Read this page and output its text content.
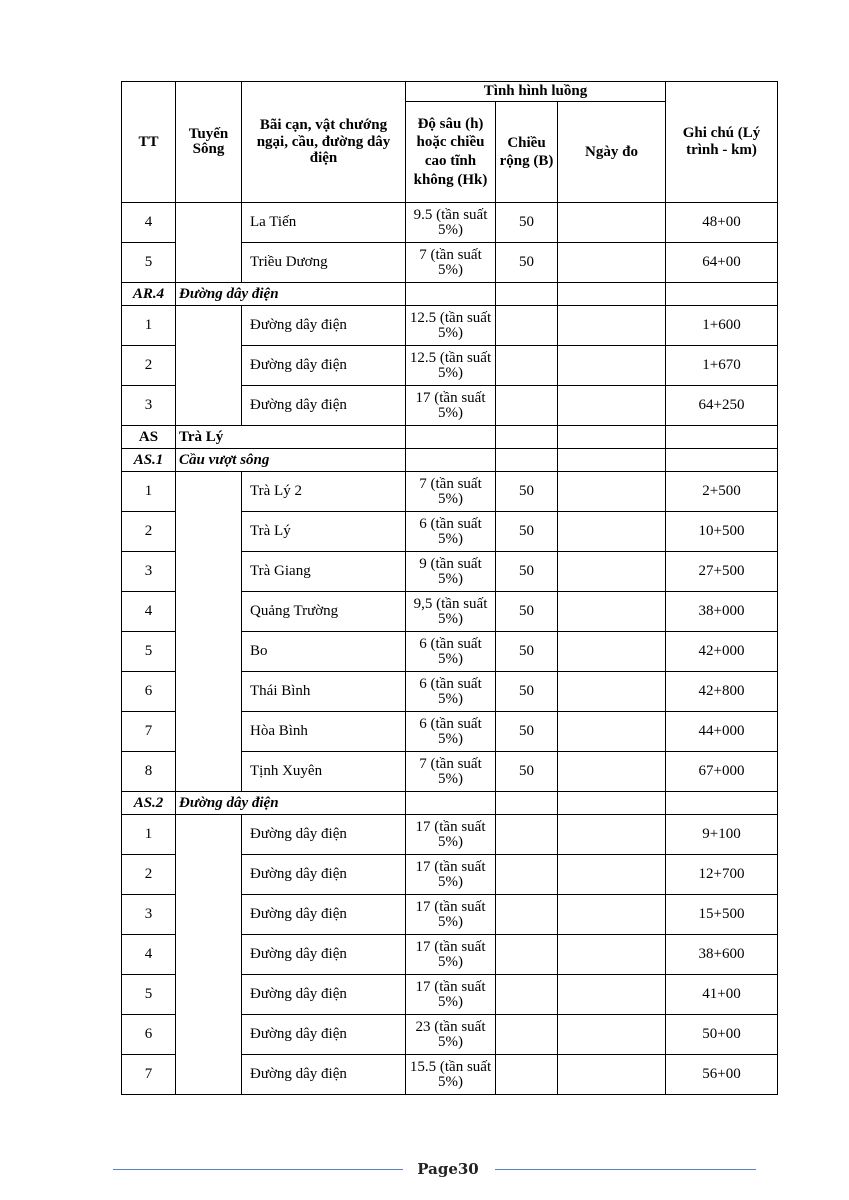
TT	Tuyến Sông	Bãi cạn, vật chướng ngại, cầu, đường dây điện	Tình hình luồng			Ghi chú (Lý trình - km)
			Độ sâu (h) hoặc chiều cao tĩnh không (Hk)	Chiều rộng (B)	Ngày đo	
4		La Tiến	9.5 (tần suất 5%)	50		48+00
5		Triều Dương	7 (tần suất 5%)	50		64+00
AR.4	Đường dây điện					
1		Đường dây điện	12.5 (tần suất 5%)			1+600
2		Đường dây điện	12.5 (tần suất 5%)			1+670
3		Đường dây điện	17 (tần suất 5%)			64+250
AS	Trà Lý					
AS.1	Cầu vượt sông					
1		Trà Lý 2	7 (tần suất 5%)	50		2+500
2		Trà Lý	6 (tần suất 5%)	50		10+500
3		Trà Giang	9 (tần suất 5%)	50		27+500
4		Quảng Trường	9,5 (tần suất 5%)	50		38+000
5		Bo	6 (tần suất 5%)	50		42+000
6		Thái Bình	6 (tần suất 5%)	50		42+800
7		Hòa Bình	6 (tần suất 5%)	50		44+000
8		Tịnh Xuyên	7 (tần suất 5%)	50		67+000
AS.2	Đường dây điện					
1		Đường dây điện	17 (tần suất 5%)			9+100
2		Đường dây điện	17 (tần suất 5%)			12+700
3		Đường dây điện	17 (tần suất 5%)			15+500
4		Đường dây điện	17 (tần suất 5%)			38+600
5		Đường dây điện	17 (tần suất 5%)			41+00
6		Đường dây điện	23 (tần suất 5%)			50+00
7		Đường dây điện	15.5 (tần suất 5%)			56+00
Page30
